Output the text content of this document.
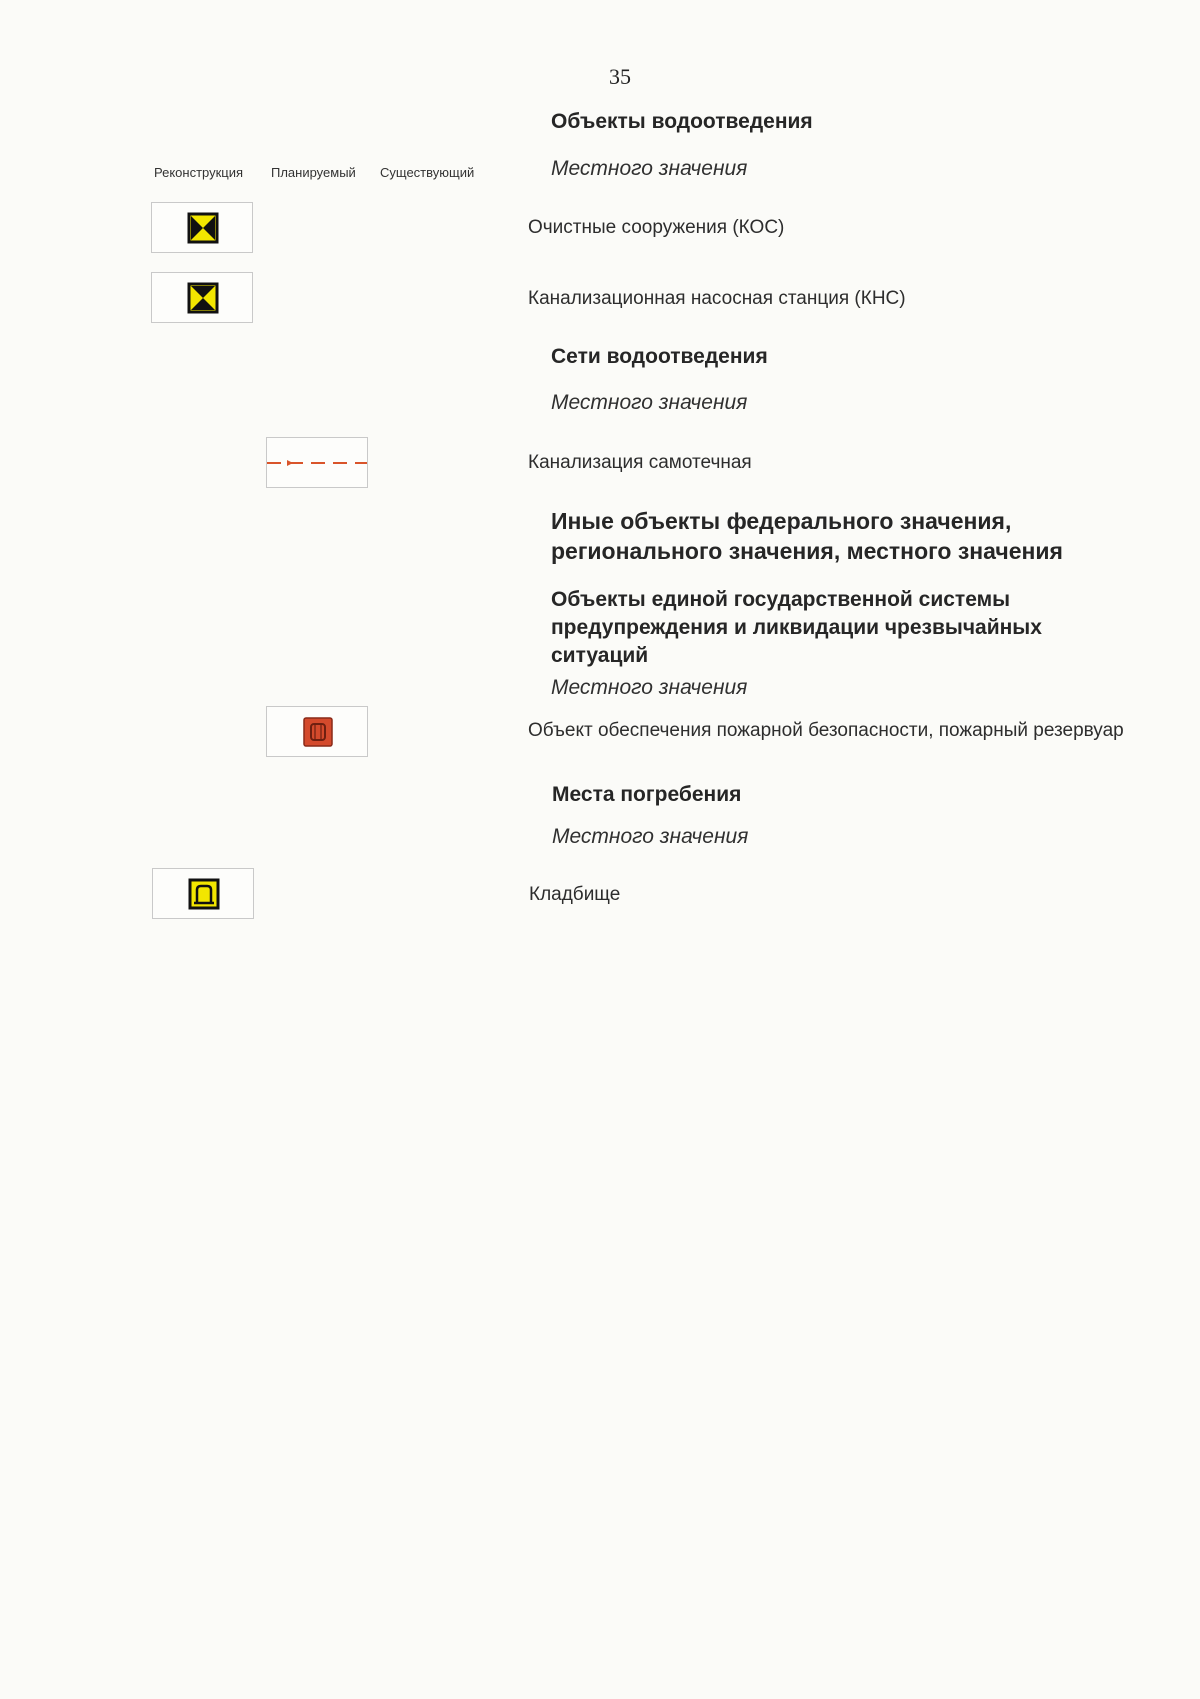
35
Реконструкция Планируемый Существующий
Объекты водоотведения
Местного значения
Очистные сооружения (КОС)
Канализационная насосная станция (КНС)
Сети водоотведения
Местного значения
Канализация самотечная
Иные объекты федерального значения, регионального значения, местного значения
Объекты единой государственной системы предупреждения и ликвидации чрезвычайных ситуаций
Местного значения
Объект обеспечения пожарной безопасности, пожарный резервуар
Места погребения
Местного значения
Кладбище
